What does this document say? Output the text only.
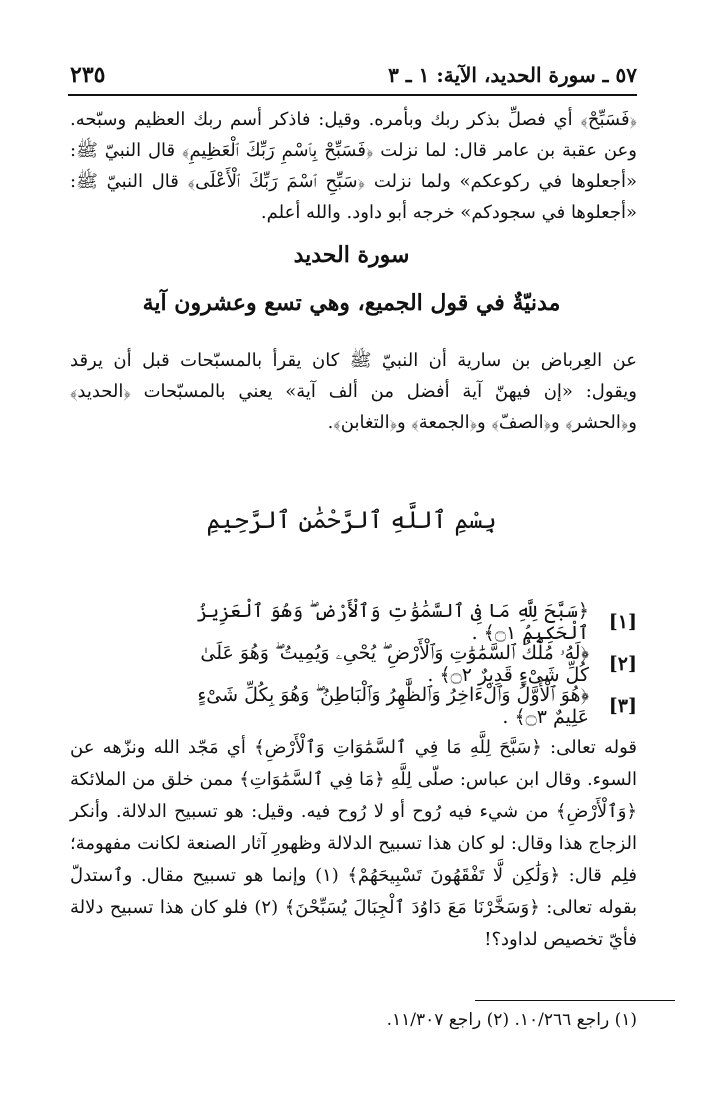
٢٣٥	٥٧ ـ سورة الحديد، الآية: ١ ـ ٣
﴿فَسَبِّحْ﴾ أي فصلِّ بذكر ربك وبأمره. وقيل: فاذكر أسم ربك العظيم وسبّحه. وعن عقبة بن عامر قال: لما نزلت ﴿فَسَبِّحْ بِٱسْمِ رَبِّكَ ٱلْعَظِيمِ﴾ قال النبيّ ﷺ: «أجعلوها في ركوعكم» ولما نزلت ﴿سَبِّحِ ٱسْمَ رَبِّكَ ٱلْأَعْلَى﴾ قال النبيّ ﷺ: «أجعلوها في سجودكم» خرجه أبو داود. والله أعلم.
سورة الحديد
مدنيّةٌ في قول الجميع، وهي تسع وعشرون آية
عن العِرباض بن سارية أن النبيّ ﷺ كان يقرأ بالمسبّحات قبل أن يرقد ويقول: «إن فيهنّ آية أفضل من ألف آية» يعني بالمسبّحات ﴿الحديد﴾ و﴿الحشر﴾ و﴿الصفّ﴾ و﴿الجمعة﴾ و﴿التغابن﴾.
بِسْمِ ٱللَّهِ ٱلرَّحْمَٰنِ ٱلرَّحِيمِ
[١]
﴿سَبَّحَ لِلَّهِ مَا فِى ٱلسَّمَٰوَٰتِ وَٱلْأَرْضِ ۖ وَهُوَ ٱلْعَزِيزُ ٱلْحَكِيمُ ۝١﴾ .
[٢]
﴿لَهُۥ مُلْكُ ٱلسَّمَٰوَٰتِ وَٱلْأَرْضِ ۖ يُحْىِۦ وَيُمِيتُ ۖ وَهُوَ عَلَىٰ كُلِّ شَىْءٍ قَدِيرٌ ۝٢﴾ .
[٣]
﴿هُوَ ٱلْأَوَّلُ وَٱلْءَاخِرُ وَٱلظَّٰهِرُ وَٱلْبَاطِنُ ۖ وَهُوَ بِكُلِّ شَىْءٍ عَلِيمٌ ۝٣﴾ .
قوله تعالى: ﴿سَبَّحَ لِلَّهِ مَا فِي ٱلسَّمَٰوَاتِ وَٱلْأَرْضِ﴾ أي مَجّد الله ونزّهه عن السوء. وقال ابن عباس: صلّى لِلَّهِ ﴿مَا فِي ٱلسَّمَٰوَاتِ﴾ ممن خلق من الملائكة ﴿وَٱلْأَرْضِ﴾ من شيء فيه رُوح أو لا رُوح فيه. وقيل: هو تسبيح الدلالة. وأنكر الزجاج هذا وقال: لو كان هذا تسبيح الدلالة وظهورِ آثار الصنعة لكانت مفهومة؛ فلِم قال: ﴿وَلَٰكِن لَّا تَفْقَهُونَ تَسْبِيحَهُمْ﴾ (١) وإنما هو تسبيح مقال. وٱستدلّ بقوله تعالى: ﴿وَسَخَّرْنَا مَعَ دَاوُدَ ٱلْجِبَالَ يُسَبِّحْنَ﴾ (٢) فلو كان هذا تسبيح دلالة فأيّ تخصيص لداود؟!
(١) راجع ١٠/٢٦٦. (٢) راجع ١١/٣٠٧.
